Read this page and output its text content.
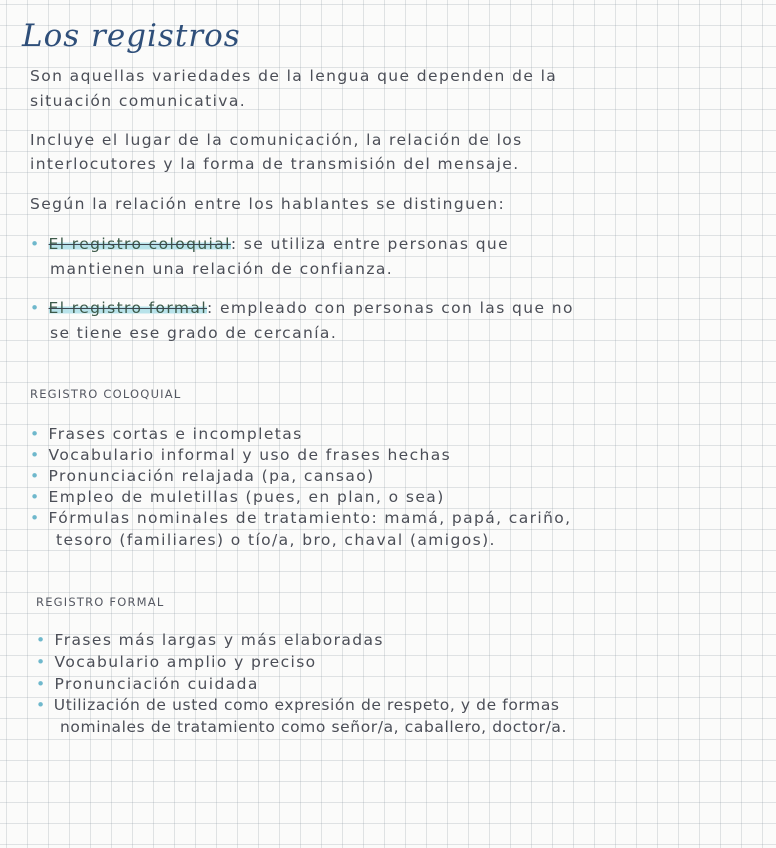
Los registros
Son aquellas variedades de la lengua que dependen de la
situación comunicativa.
Incluye el lugar de la comunicación, la relación de los
interlocutores y la forma de transmisión del mensaje.
Según la relación entre los hablantes se distinguen:
• El registro coloquial: se utiliza entre personas que
mantienen una relación de confianza.
• El registro formal: empleado con personas con las que no
se tiene ese grado de cercanía.
REGISTRO COLOQUIAL
• Frases cortas e incompletas
• Vocabulario informal y uso de frases hechas
• Pronunciación relajada (pa, cansao)
• Empleo de muletillas (pues, en plan, o sea)
• Fórmulas nominales de tratamiento: mamá, papá, cariño,
tesoro (familiares) o tío/a, bro, chaval (amigos).
REGISTRO FORMAL
• Frases más largas y más elaboradas
• Vocabulario amplio y preciso
• Pronunciación cuidada
• Utilización de usted como expresión de respeto, y de formas
nominales de tratamiento como señor/a, caballero, doctor/a.
